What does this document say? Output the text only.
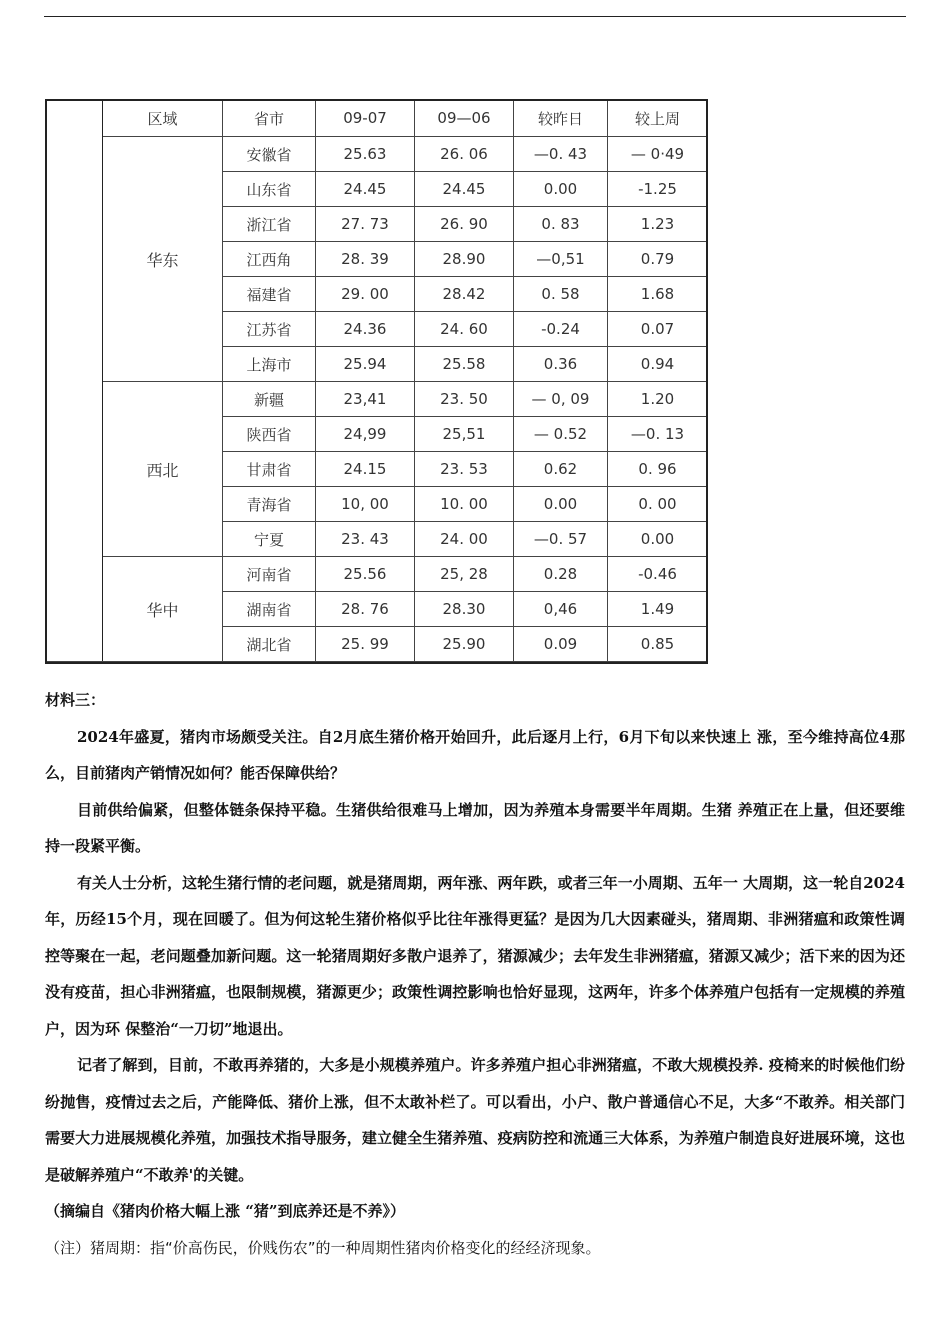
	区域	省市	09-07	09—06	较昨日	较上周
	华东	安徽省	25.63	26. 06	—0. 43	— 0·49
		山东省	24.45	24.45	0.00	-1.25
		浙江省	27. 73	26. 90	0. 83	1.23
		江西角	28. 39	28.90	—0,51	0.79
		福建省	29. 00	28.42	0. 58	1.68
		江苏省	24.36	24. 60	-0.24	0.07
		上海市	25.94	25.58	0.36	0.94
	西北	新疆	23,41	23. 50	— 0, 09	1.20
		陕西省	24,99	25,51	— 0.52	—0. 13
		甘肃省	24.15	23. 53	0.62	0. 96
		青海省	10, 00	10. 00	0.00	0. 00
		宁夏	23. 43	24. 00	—0. 57	0.00
	华中	河南省	25.56	25, 28	0.28	-0.46
		湖南省	28. 76	28.30	0,46	1.49
		湖北省	25. 99	25.90	0.09	0.85

材料三：

2024年盛夏，猪肉市场颇受关注。自2月底生猪价格开始回升，此后逐月上行，6月下旬以来快速上 涨，至今维持高位4那么，目前猪肉产销情况如何？能否保障供给？

目前供给偏紧，但整体链条保持平稳。生猪供给很难马上增加，因为养殖本身需要半年周期。生猪 养殖正在上量，但还要维持一段紧平衡。

有关人士分析，这轮生猪行情的老问题，就是猪周期，两年涨、两年跌，或者三年一小周期、五年一 大周期，这一轮自2024年，历经15个月，现在回暖了。但为何这轮生猪价格似乎比往年涨得更猛？是因为几大因素碰头，猪周期、非洲猪瘟和政策性调控等聚在一起，老问题叠加新问题。这一轮猪周期好多散户退养了，猪源减少；去年发生非洲猪瘟，猪源又减少；活下来的因为还没有疫苗，担心非洲猪瘟，也限制规模，猪源更少；政策性调控影响也恰好显现，这两年，许多个体养殖户包括有一定规模的养殖户，因为环 保整治“一刀切”地退出。

记者了解到，目前，不敢再养猪的，大多是小规模养殖户。许多养殖户担心非洲猪瘟，不敢大规模投养. 疫椅来的时候他们纷纷抛售，疫情过去之后，产能降低、猪价上涨，但不太敢补栏了。可以看出，小户、散户普通信心不足，大多“不敢养。相关部门需要大力进展规模化养殖，加强技术指导服务，建立健全生猪养殖、疫病防控和流通三大体系，为养殖户制造良好进展环境，这也是破解养殖户“不敢养'的关键。

（摘编自《猪肉价格大幅上涨 “猪”到底养还是不养》）

（注）猪周期：指“价高伤民，价贱伤农”的一种周期性猪肉价格变化的经经济现象。
